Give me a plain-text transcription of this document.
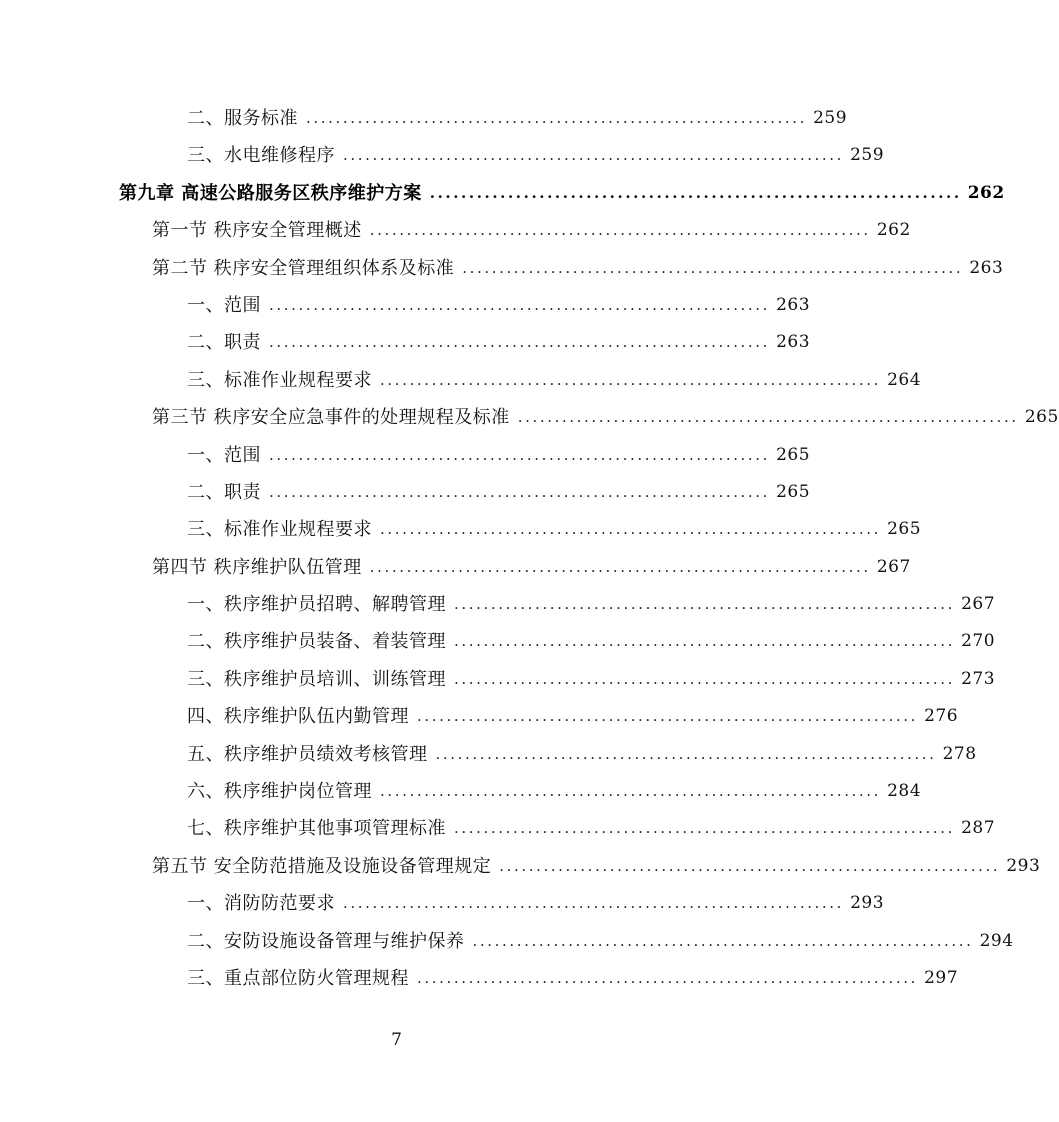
二、服务标准 .................................................................... 259
三、水电维修程序 .................................................................... 259
第九章 高速公路服务区秩序维护方案 .................................................................... 262
第一节 秩序安全管理概述 .................................................................... 262
第二节 秩序安全管理组织体系及标准 .................................................................... 263
一、范围 .................................................................... 263
二、职责 .................................................................... 263
三、标准作业规程要求 .................................................................... 264
第三节 秩序安全应急事件的处理规程及标准 .................................................................... 265
一、范围 .................................................................... 265
二、职责 .................................................................... 265
三、标准作业规程要求 .................................................................... 265
第四节 秩序维护队伍管理 .................................................................... 267
一、秩序维护员招聘、解聘管理 .................................................................... 267
二、秩序维护员装备、着装管理 .................................................................... 270
三、秩序维护员培训、训练管理 .................................................................... 273
四、秩序维护队伍内勤管理 .................................................................... 276
五、秩序维护员绩效考核管理 .................................................................... 278
六、秩序维护岗位管理 .................................................................... 284
七、秩序维护其他事项管理标准 .................................................................... 287
第五节 安全防范措施及设施设备管理规定 .................................................................... 293
一、消防防范要求 .................................................................... 293
二、安防设施设备管理与维护保养 .................................................................... 294
三、重点部位防火管理规程 .................................................................... 297
7
